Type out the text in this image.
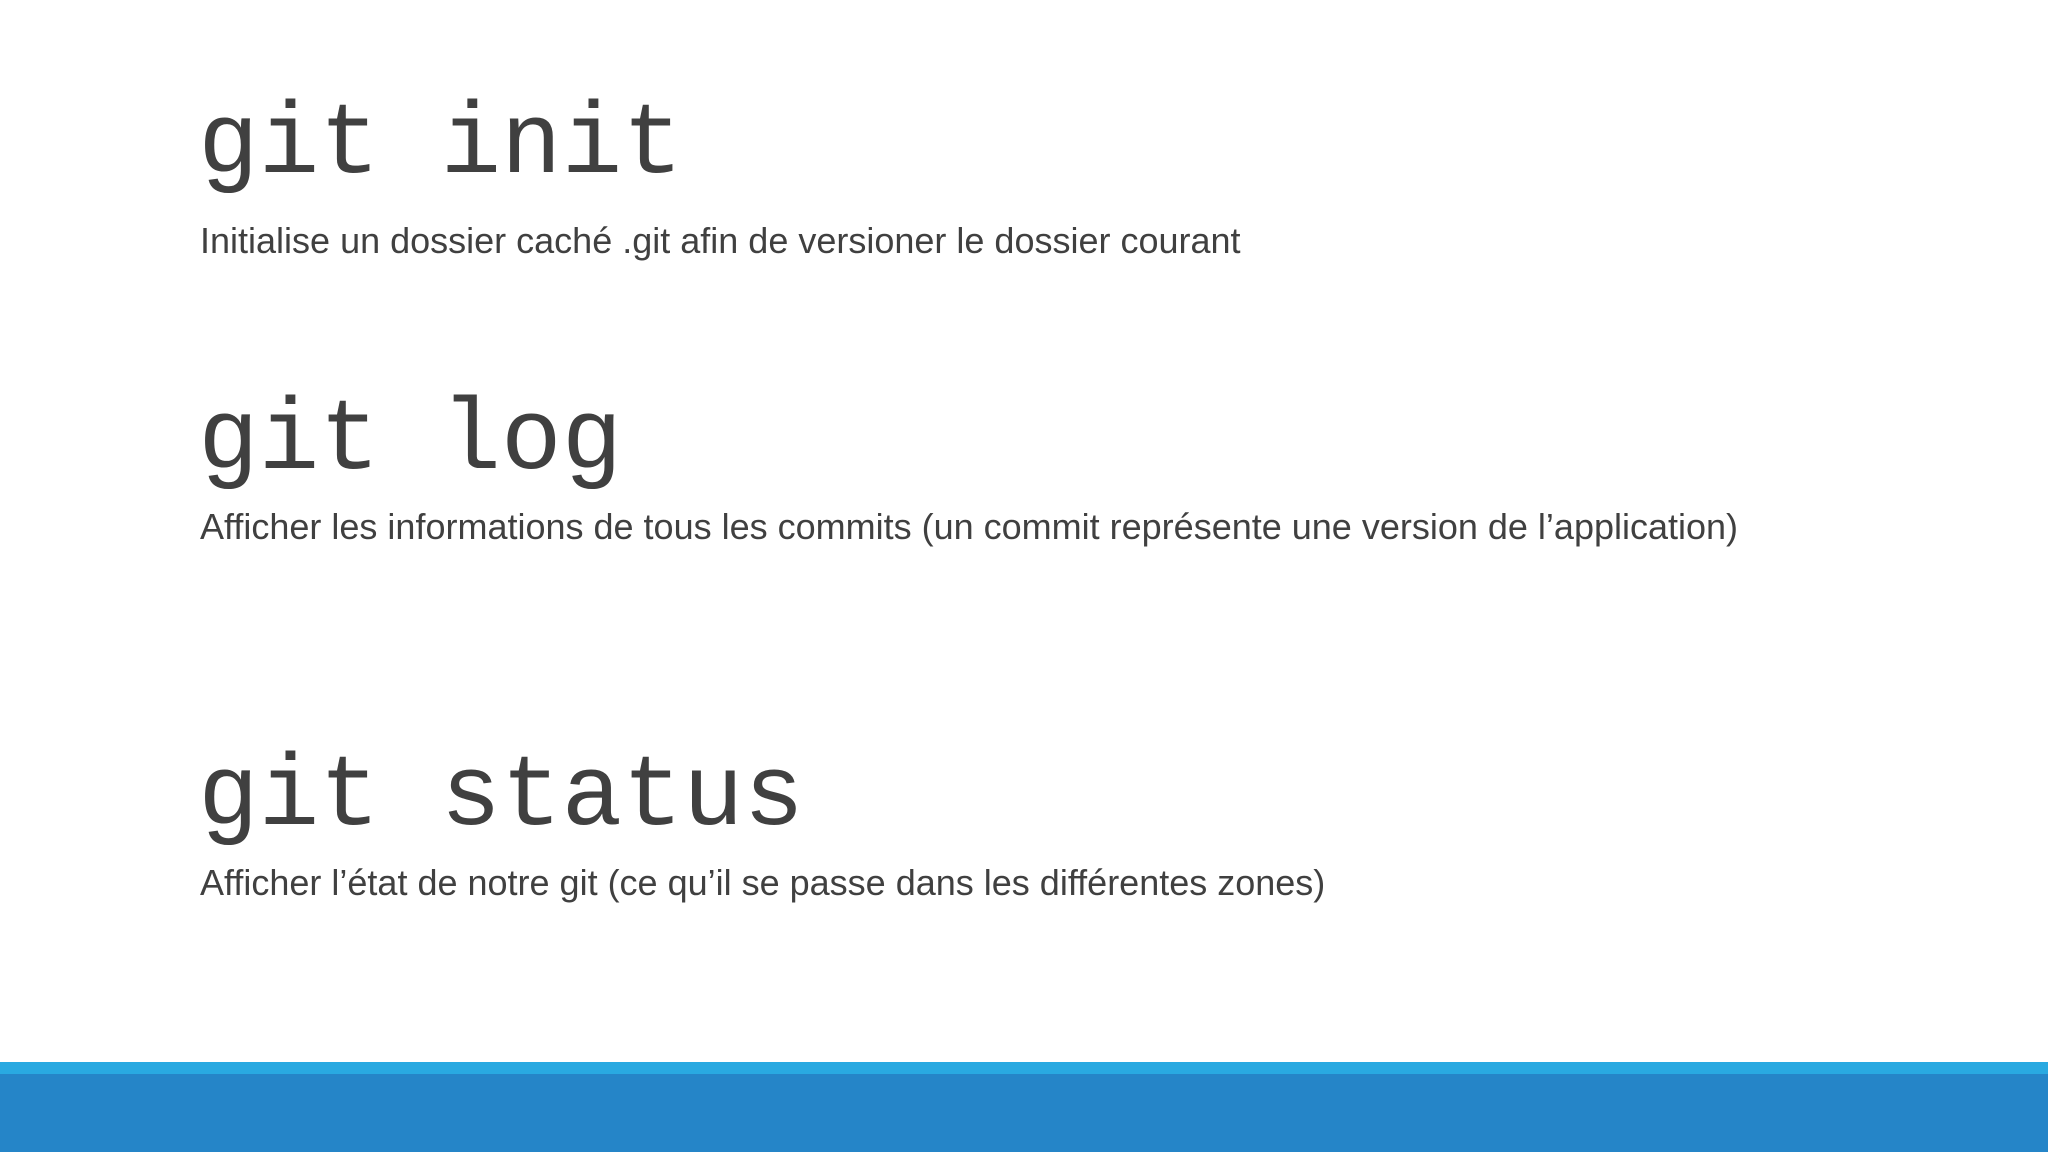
git init

Initialise un dossier caché .git afin de versioner le dossier courant

git log

Afficher les informations de tous les commits (un commit représente une version de l’application)

git status

Afficher l’état de notre git (ce qu’il se passe dans les différentes zones)
